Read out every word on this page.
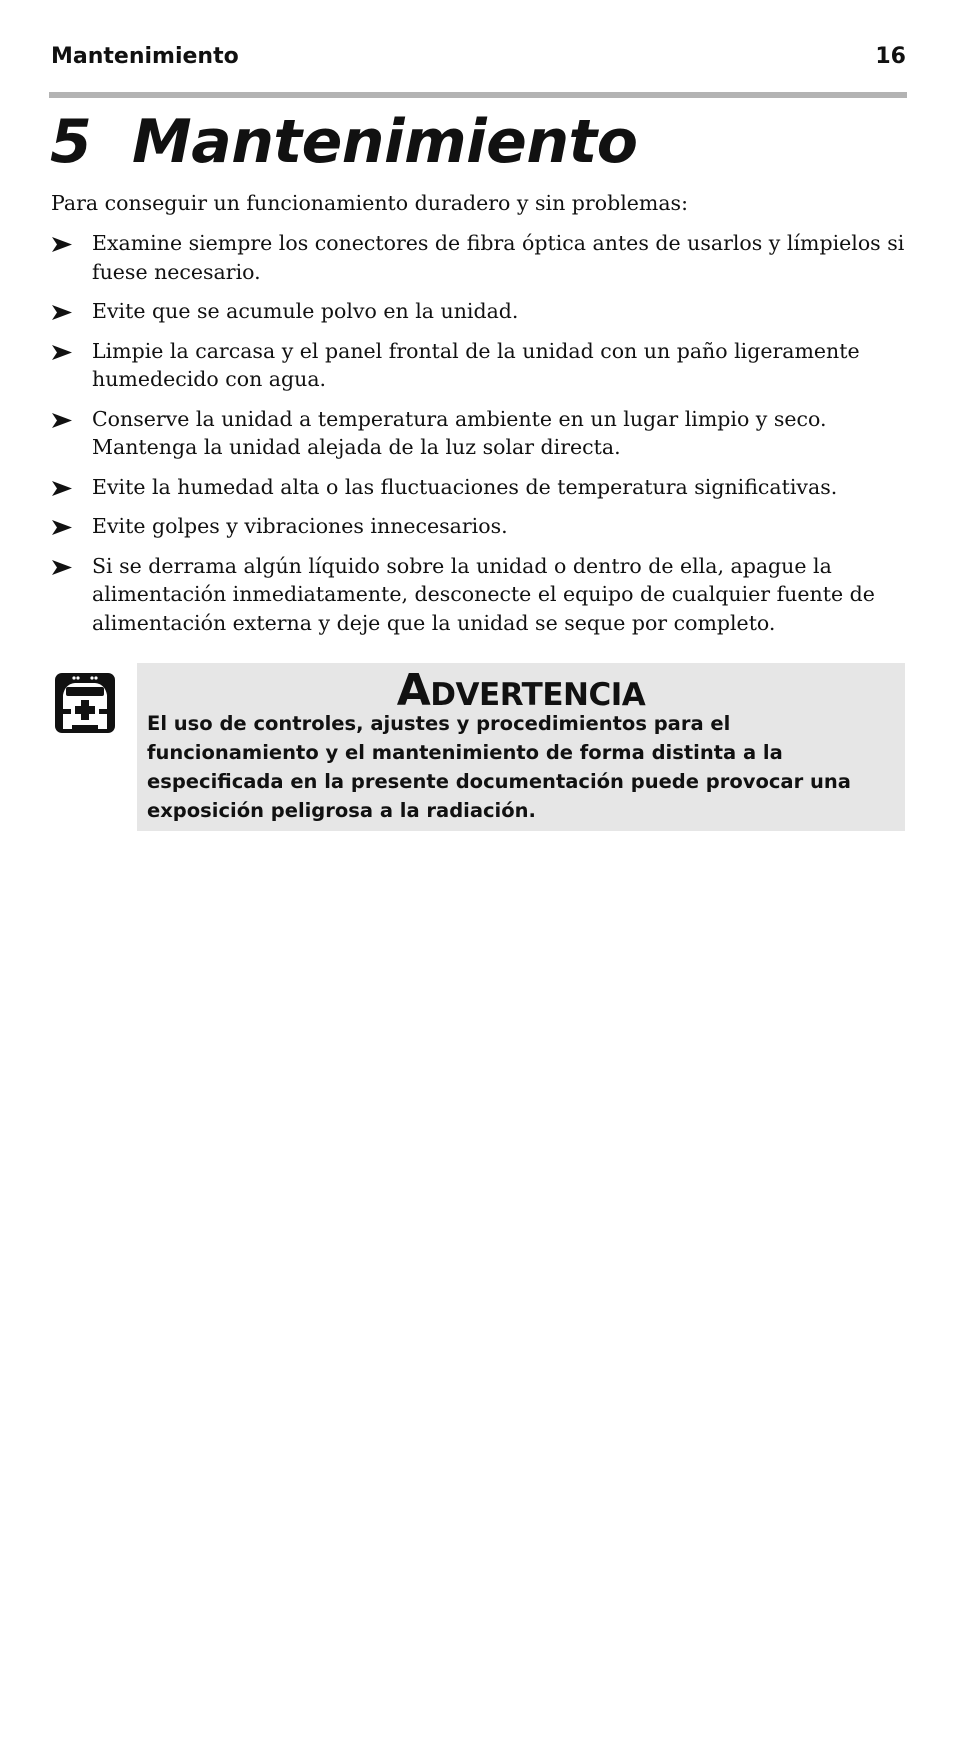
Mantenimiento	16
5 Mantenimiento

Para conseguir un funcionamiento duradero y sin problemas:

Examine siempre los conectores de fibra óptica antes de usarlos y límpielos si fuese necesario.
Evite que se acumule polvo en la unidad.
Limpie la carcasa y el panel frontal de la unidad con un paño ligeramente humedecido con agua.
Conserve la unidad a temperatura ambiente en un lugar limpio y seco. Mantenga la unidad alejada de la luz solar directa.
Evite la humedad alta o las fluctuaciones de temperatura significativas.
Evite golpes y vibraciones innecesarios.
Si se derrama algún líquido sobre la unidad o dentro de ella, apague la alimentación inmediatamente, desconecte el equipo de cualquier fuente de alimentación externa y deje que la unidad se seque por completo.
Advertencia
El uso de controles, ajustes y procedimientos para el funcionamiento y el mantenimiento de forma distinta a la especificada en la presente documentación puede provocar una exposición peligrosa a la radiación.
